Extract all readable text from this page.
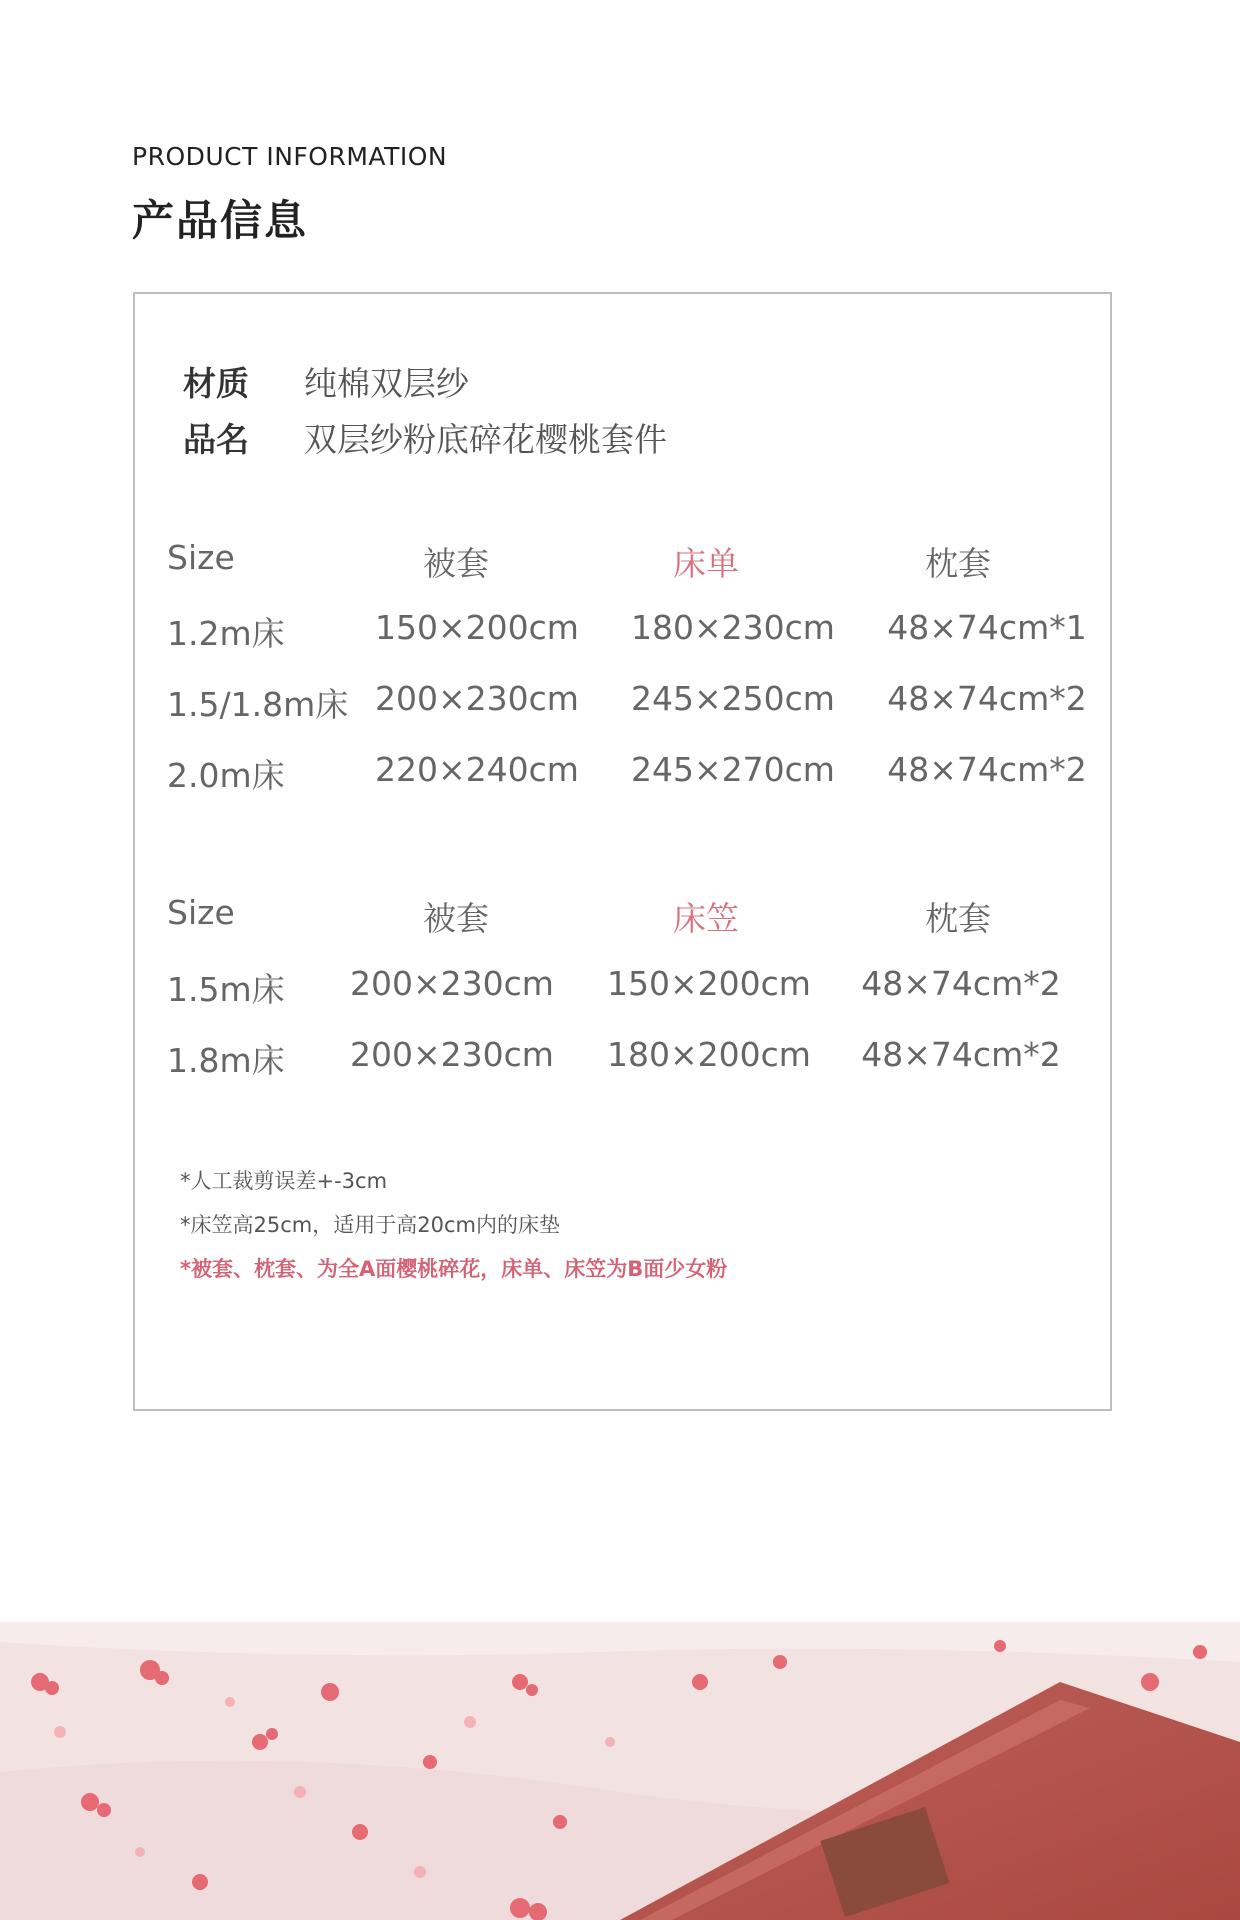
PRODUCT INFORMATION
产品信息
材质 纯棉双层纱
品名 双层纱粉底碎花樱桃套件
Size	被套	床单	枕套
1.2m床	150×200cm 180×230cm 48×74cm*1
1.5/1.8m床 200×230cm 245×250cm 48×74cm*2
2.0m床	220×240cm 245×270cm 48×74cm*2
Size	被套	床笠	枕套
1.5m床 200×230cm 150×200cm 48×74cm*2
1.8m床 200×230cm 180×200cm 48×74cm*2
*人工裁剪误差+-3cm
*床笠高25cm，适用于高20cm内的床垫
*被套、枕套、为全A面樱桃碎花，床单、床笠为B面少女粉
